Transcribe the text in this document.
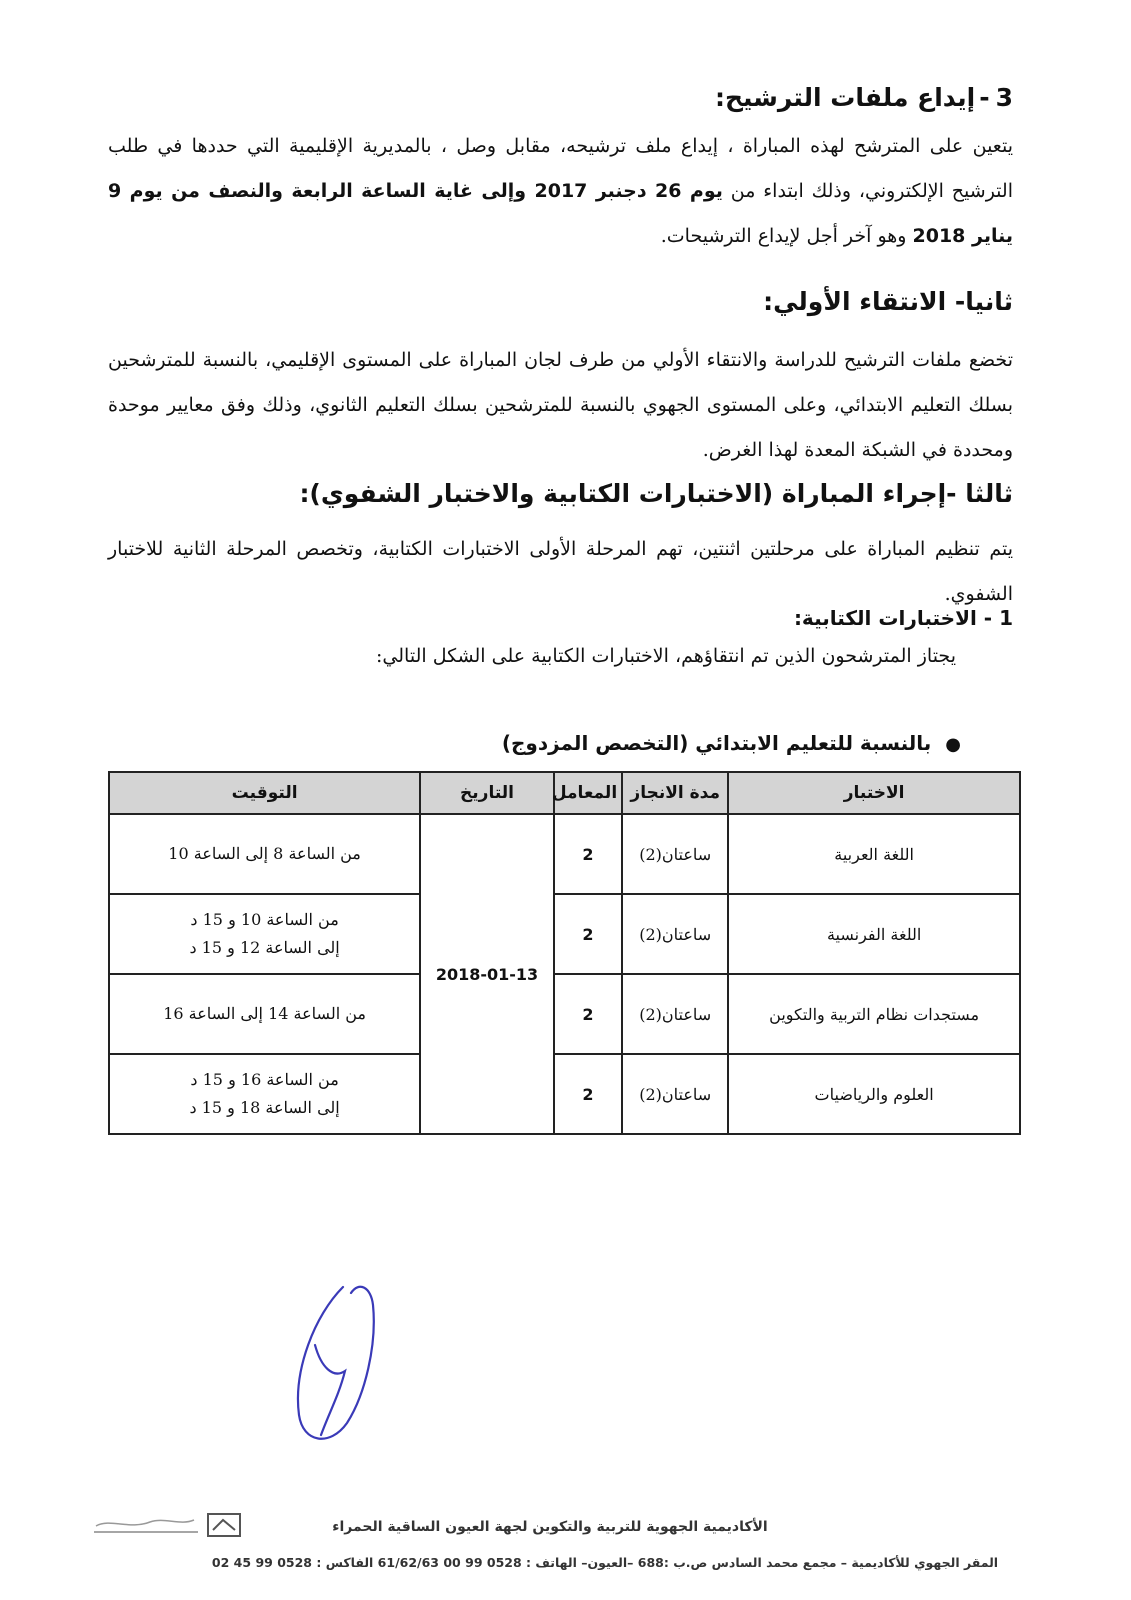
3-إيداع ملفات الترشيح:

يتعين على المترشح لهذه المباراة ، إيداع ملف ترشيحه، مقابل وصل ، بالمديرية الإقليمية التي حددها في طلب الترشيح الإلكتروني، وذلك ابتداء من يوم 26 دجنبر 2017 وإلى غاية الساعة الرابعة والنصف من يوم 9 يناير 2018 وهو آخر أجل لإيداع الترشيحات.

ثانيا- الانتقاء الأولي:

تخضع ملفات الترشيح للدراسة والانتقاء الأولي من طرف لجان المباراة على المستوى الإقليمي، بالنسبة للمترشحين بسلك التعليم الابتدائي، وعلى المستوى الجهوي بالنسبة للمترشحين بسلك التعليم الثانوي، وذلك وفق معايير موحدة ومحددة في الشبكة المعدة لهذا الغرض.

ثالثا -إجراء المباراة (الاختبارات الكتابية والاختبار الشفوي):

يتم تنظيم المباراة على مرحلتين اثنتين، تهم المرحلة الأولى الاختبارات الكتابية، وتخصص المرحلة الثانية للاختبار الشفوي.

1 - الاختبارات الكتابية:

يجتاز المترشحون الذين تم انتقاؤهم، الاختبارات الكتابية على الشكل التالي:

●بالنسبة للتعليم الابتدائي (التخصص المزدوج)

الاختبار	مدة الانجاز	المعامل	التاريخ	التوقيت
اللغة العربية	ساعتان(2)	2	2018-01-13	من الساعة 8 إلى الساعة 10

اللغة الفرنسية	ساعتان(2)	2		من الساعة 10 و 15 د
إلى الساعة 12 و 15 د

مستجدات نظام التربية والتكوين	ساعتان(2)	2		من الساعة 14 إلى الساعة 16

العلوم والرياضيات	ساعتان(2)	2		من الساعة 16 و 15 د
إلى الساعة 18 و 15 د

الأكاديمية الجهوية للتربية والتكوين لجهة العيون الساقية الحمراء

المقر الجهوي للأكاديمية – مجمع محمد السادس ص.ب :688 –العيون– الهاتف : 0528 99 00 61/62/63 الفاكس : 0528 99 45 02
